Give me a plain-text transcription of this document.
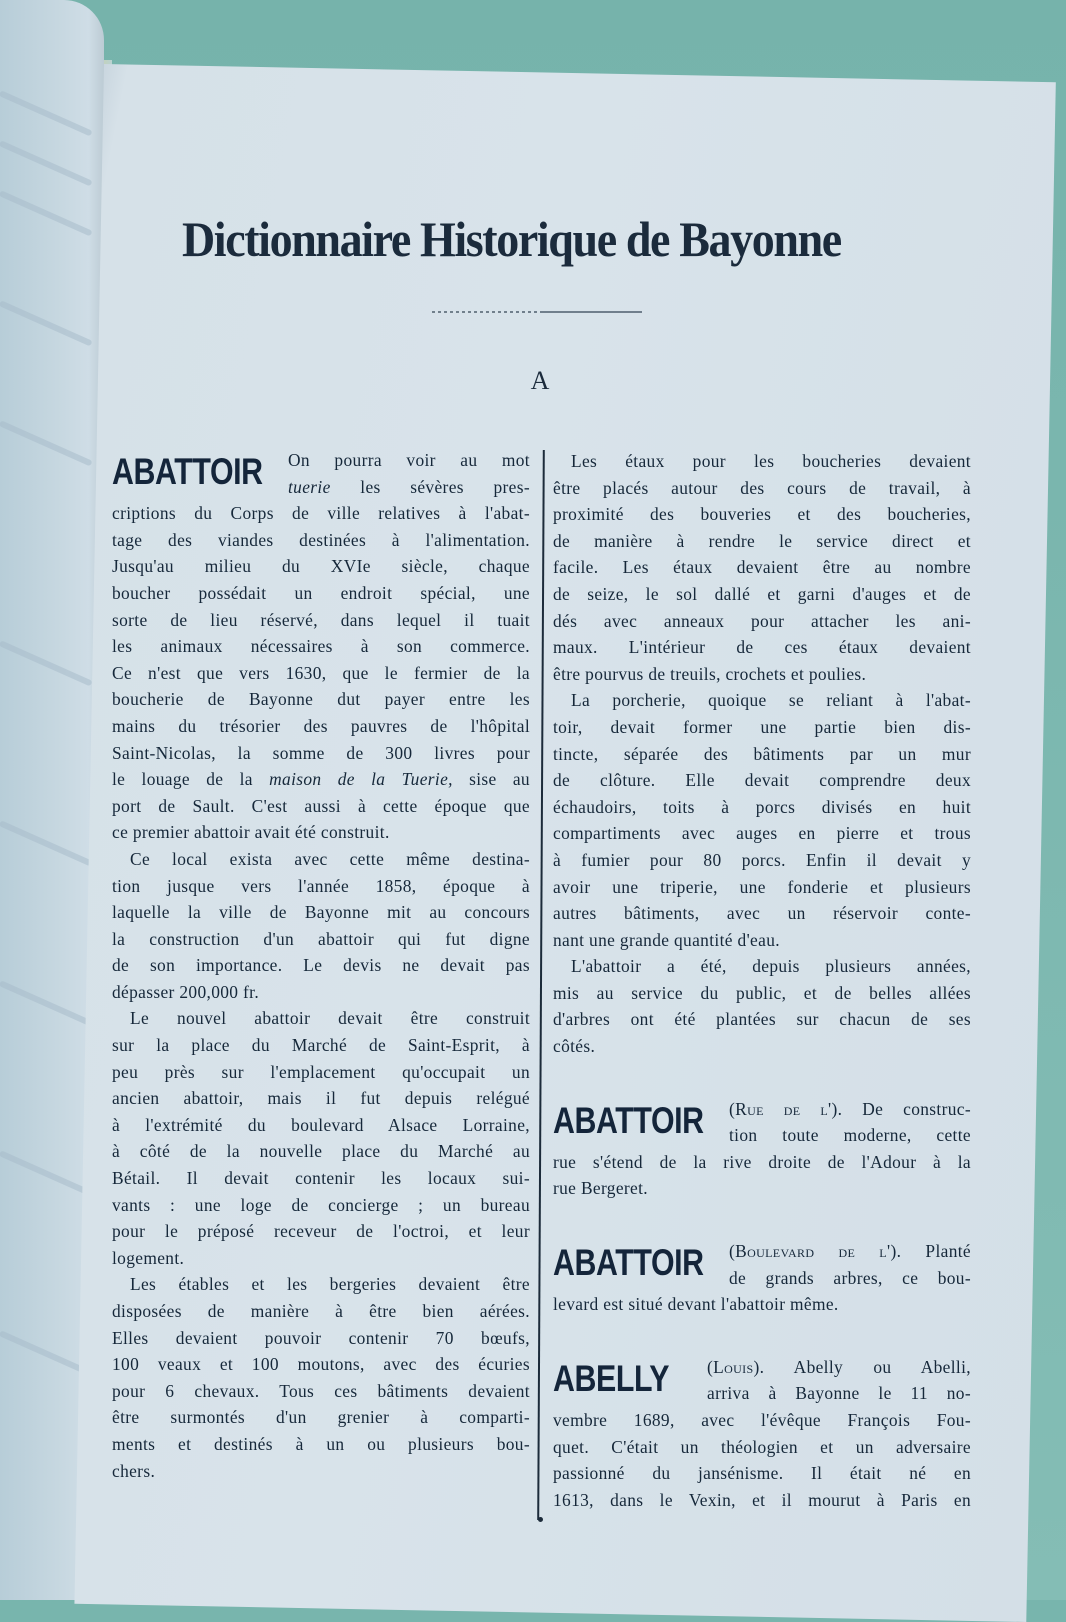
Dictionnaire Historique de Bayonne
A
ABATTOIR On pourra voir au mot
tuerie les sévères pres-
criptions du Corps de ville relatives à l'abat-
tage des viandes destinées à l'alimentation.
Jusqu'au milieu du XVIe siècle, chaque
boucher possédait un endroit spécial, une
sorte de lieu réservé, dans lequel il tuait
les animaux nécessaires à son commerce.
Ce n'est que vers 1630, que le fermier de la
boucherie de Bayonne dut payer entre les
mains du trésorier des pauvres de l'hôpital
Saint-Nicolas, la somme de 300 livres pour
le louage de la maison de la Tuerie, sise au
port de Sault. C'est aussi à cette époque que
ce premier abattoir avait été construit.
Ce local exista avec cette même destina-
tion jusque vers l'année 1858, époque à
laquelle la ville de Bayonne mit au concours
la construction d'un abattoir qui fut digne
de son importance. Le devis ne devait pas
dépasser 200,000 fr.
Le nouvel abattoir devait être construit
sur la place du Marché de Saint-Esprit, à
peu près sur l'emplacement qu'occupait un
ancien abattoir, mais il fut depuis relégué
à l'extrémité du boulevard Alsace Lorraine,
à côté de la nouvelle place du Marché au
Bétail. Il devait contenir les locaux sui-
vants : une loge de concierge ; un bureau
pour le préposé receveur de l'octroi, et leur
logement.
Les étables et les bergeries devaient être
disposées de manière à être bien aérées.
Elles devaient pouvoir contenir 70 bœufs,
100 veaux et 100 moutons, avec des écuries
pour 6 chevaux. Tous ces bâtiments devaient
être surmontés d'un grenier à comparti-
ments et destinés à un ou plusieurs bou-
chers.
Les étaux pour les boucheries devaient
être placés autour des cours de travail, à
proximité des bouveries et des boucheries,
de manière à rendre le service direct et
facile. Les étaux devaient être au nombre
de seize, le sol dallé et garni d'auges et de
dés avec anneaux pour attacher les ani-
maux. L'intérieur de ces étaux devaient
être pourvus de treuils, crochets et poulies.
La porcherie, quoique se reliant à l'abat-
toir, devait former une partie bien dis-
tincte, séparée des bâtiments par un mur
de clôture. Elle devait comprendre deux
échaudoirs, toits à porcs divisés en huit
compartiments avec auges en pierre et trous
à fumier pour 80 porcs. Enfin il devait y
avoir une triperie, une fonderie et plusieurs
autres bâtiments, avec un réservoir conte-
nant une grande quantité d'eau.
L'abattoir a été, depuis plusieurs années,
mis au service du public, et de belles allées
d'arbres ont été plantées sur chacun de ses
côtés.
ABATTOIR (Rue de l'). De construc-
tion toute moderne, cette
rue s'étend de la rive droite de l'Adour à la
rue Bergeret.
ABATTOIR (Boulevard de l'). Planté
de grands arbres, ce bou-
levard est situé devant l'abattoir même.
ABELLY (Louis). Abelly ou Abelli,
arriva à Bayonne le 11 no-
vembre 1689, avec l'évêque François Fou-
quet. C'était un théologien et un adversaire
passionné du jansénisme. Il était né en
1613, dans le Vexin, et il mourut à Paris en
